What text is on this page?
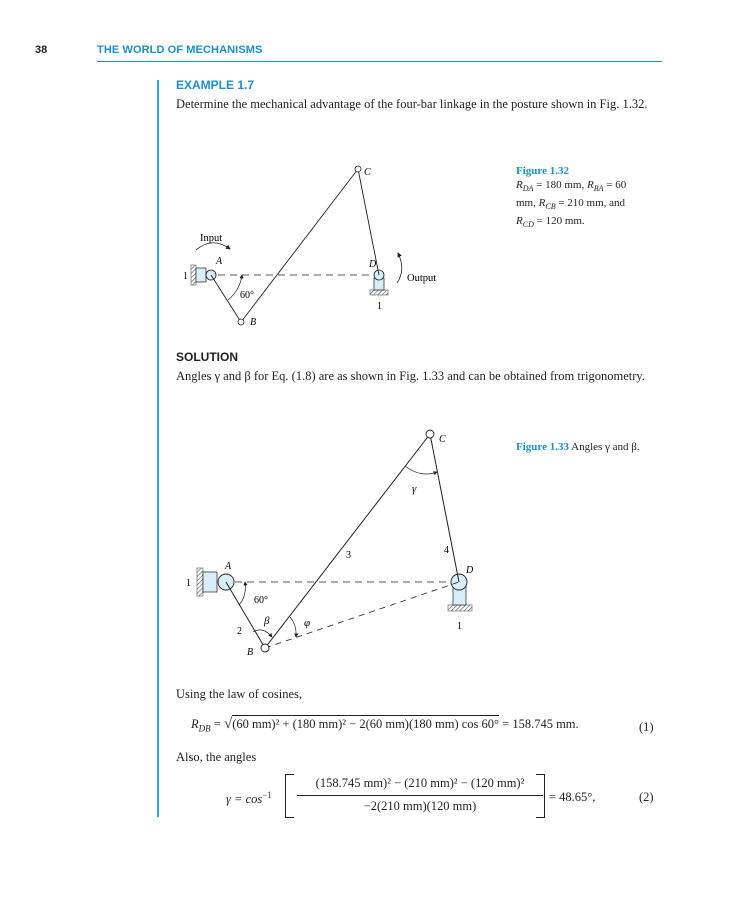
38	THE WORLD OF MECHANISMS
EXAMPLE 1.7
Determine the mechanical advantage of the four-bar linkage in the posture shown in Fig. 1.32.
Figure 1.32
$R_{DA} = 180$ mm, $R_{BA} = 60$ mm, $R_{CB} = 210$ mm, and $R_{CD} = 120$ mm.
Input
A
1
60°
B
C
D
Output
1
SOLUTION
Angles γ and β for Eq. (1.8) are as shown in Fig. 1.33 and can be obtained from trigonometry.
Figure 1.33 Angles γ and β.
A
1
60°
2
B
β	φ
3
C
γ
4
D
1
Using the law of cosines,
$R_{DB} = √(60$ mm)² + (180 mm)² − 2(60 mm)(180 mm) cos 60° = 158.745 mm.	(1)
Also, the angles
$\gamma = \cos^{-1}$
(158.745 mm)² − (210 mm)² − (120 mm)²
−2(210 mm)(120 mm)
= 48.65°,	(2)
